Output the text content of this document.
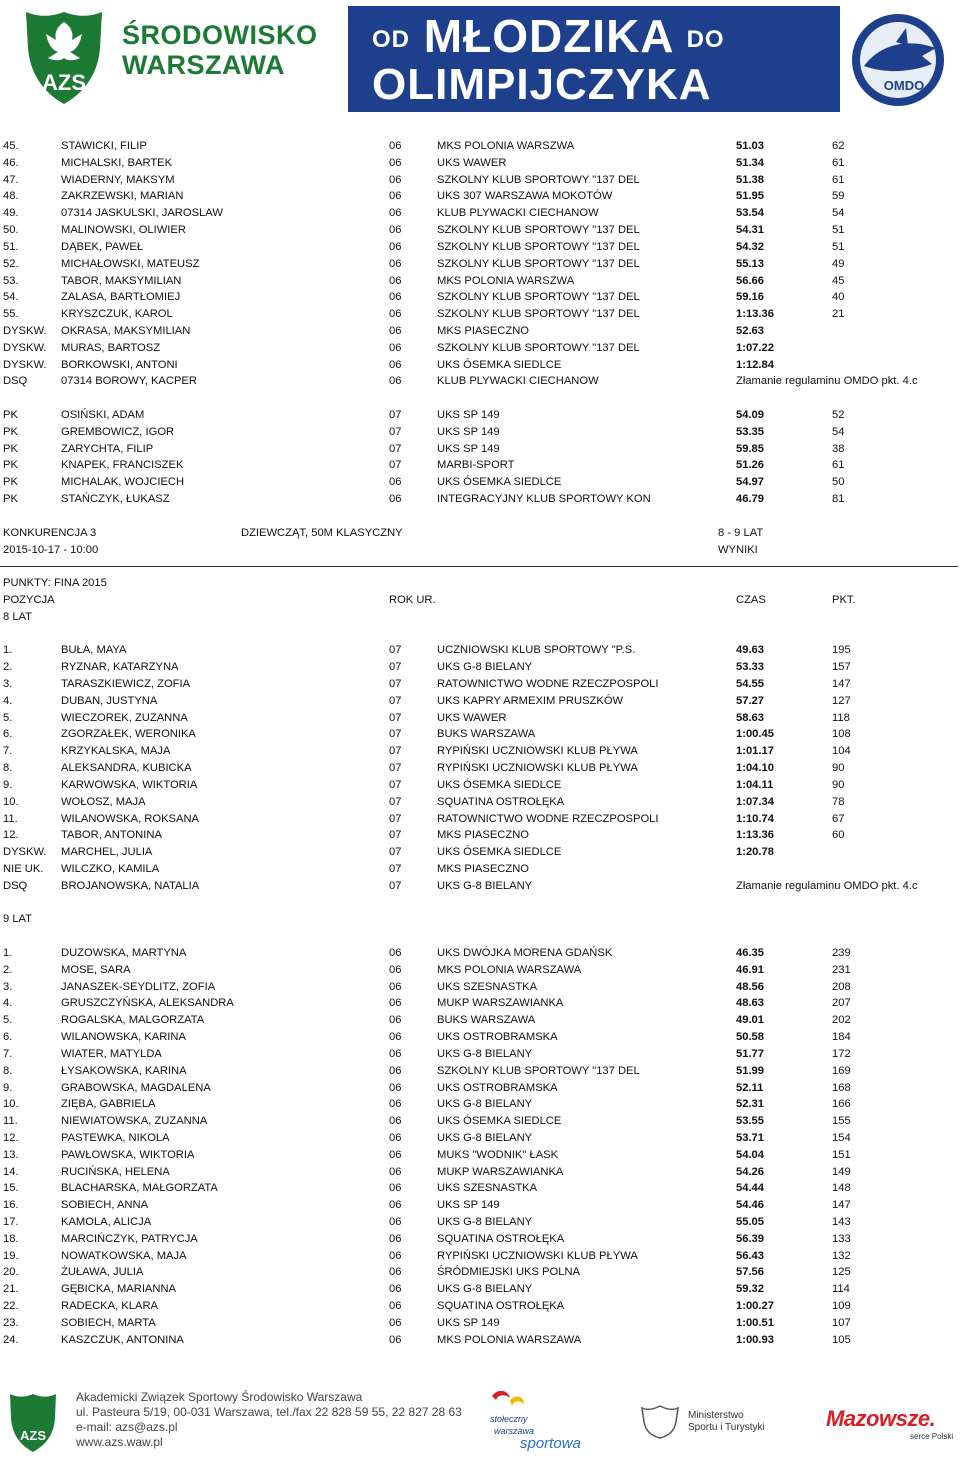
AZS
ŚRODOWISKO
WARSZAWA
OD MŁODZIKA DO
OLIMPIJCZYKA	OMDO
45.	STAWICKI, FILIP	06	MKS POLONIA WARSZWA	51.03	62
46.	MICHALSKI, BARTEK	06	UKS WAWER	51.34	61
47.	WIADERNY, MAKSYM	06	SZKOLNY KLUB SPORTOWY "137 DEL	51.38	61
48.	ZAKRZEWSKI, MARIAN	06	UKS 307 WARSZAWA MOKOTÓW	51.95	59
49.	07314 JASKULSKI, JAROSLAW	06	KLUB PLYWACKI CIECHANOW	53.54	54
50.	MALINOWSKI, OLIWIER	06	SZKOLNY KLUB SPORTOWY "137 DEL	54.31	51
51.	DĄBEK, PAWEŁ	06	SZKOLNY KLUB SPORTOWY "137 DEL	54.32	51
52.	MICHAŁOWSKI, MATEUSZ	06	SZKOLNY KLUB SPORTOWY "137 DEL	55.13	49
53.	TABOR, MAKSYMILIAN	06	MKS POLONIA WARSZWA	56.66	45
54.	ZALASA, BARTŁOMIEJ	06	SZKOLNY KLUB SPORTOWY "137 DEL	59.16	40
55.	KRYSZCZUK, KAROL	06	SZKOLNY KLUB SPORTOWY "137 DEL	1:13.36	21
DYSKW. OKRASA, MAKSYMILIAN	06	MKS PIASECZNO	52.63
DYSKW. MURAS, BARTOSZ	06	SZKOLNY KLUB SPORTOWY "137 DEL	1:07.22
DYSKW. BORKOWSKI, ANTONI	06	UKS ÓSEMKA SIEDLCE	1:12.84
DSQ	07314 BOROWY, KACPER	06	KLUB PLYWACKI CIECHANOW	Złamanie regulaminu OMDO pkt. 4.c
PK	OSIŃSKI, ADAM	07	UKS SP 149	54.09	52
PK	GREMBOWICZ, IGOR	07	UKS SP 149	53.35	54
PK	ZARYCHTA, FILIP	07	UKS SP 149	59.85	38
PK	KNAPEK, FRANCISZEK	07	MARBI-SPORT	51.26	61
PK	MICHALAK, WOJCIECH	06	UKS ÓSEMKA SIEDLCE	54.97	50
PK	STAŃCZYK, ŁUKASZ	06	INTEGRACYJNY KLUB SPORTOWY KON	46.79	81
KONKURENCJA 3	DZIEWCZĄT, 50M KLASYCZNY	8 - 9 LAT
2015-10-17 - 10:00	WYNIKI
PUNKTY: FINA 2015
POZYCJA	ROK UR.	CZAS	PKT.
8 LAT
1.	BUŁA, MAYA	07	UCZNIOWSKI KLUB SPORTOWY "P.S.	49.63	195
2.	RYZNAR, KATARZYNA	07	UKS G-8 BIELANY	53.33	157
3.	TARASZKIEWICZ, ZOFIA	07	RATOWNICTWO WODNE RZECZPOSPOLI	54.55	147
4.	DUBAN, JUSTYNA	07	UKS KAPRY ARMEXIM PRUSZKÓW	57.27	127
5.	WIECZOREK, ZUZANNA	07	UKS WAWER	58.63	118
6.	ZGORZAŁEK, WERONIKA	07	BUKS WARSZAWA	1:00.45	108
7.	KRZYKALSKA, MAJA	07	RYPIŃSKI UCZNIOWSKI KLUB PŁYWA	1:01.17	104
8.	ALEKSANDRA, KUBICKA	07	RYPIŃSKI UCZNIOWSKI KLUB PŁYWA	1:04.10	90
9.	KARWOWSKA, WIKTORIA	07	UKS ÓSEMKA SIEDLCE	1:04.11	90
10.	WOŁOSZ, MAJA	07	SQUATINA OSTROŁĘKA	1:07.34	78
11.	WILANOWSKA, ROKSANA	07	RATOWNICTWO WODNE RZECZPOSPOLI	1:10.74	67
12.	TABOR, ANTONINA	07	MKS PIASECZNO	1:13.36	60
DYSKW. MARCHEL, JULIA	07	UKS ÓSEMKA SIEDLCE	1:20.78
NIE UK. WILCZKO, KAMILA	07	MKS PIASECZNO
DSQ	BROJANOWSKA, NATALIA	07	UKS G-8 BIELANY	Złamanie regulaminu OMDO pkt. 4.c
9 LAT
1.	DUZOWSKA, MARTYNA	06	UKS DWÓJKA MORENA GDAŃSK	46.35	239
2.	MOSE, SARA	06	MKS POLONIA WARSZAWA	46.91	231
3.	JANASZEK-SEYDLITZ, ZOFIA	06	UKS SZESNASTKA	48.56	208
4.	GRUSZCZYŃSKA, ALEKSANDRA	06	MUKP WARSZAWIANKA	48.63	207
5.	ROGALSKA, MALGORZATA	06	BUKS WARSZAWA	49.01	202
6.	WILANOWSKA, KARINA	06	UKS OSTROBRAMSKA	50.58	184
7.	WIATER, MATYLDA	06	UKS G-8 BIELANY	51.77	172
8.	ŁYSAKOWSKA, KARINA	06	SZKOLNY KLUB SPORTOWY "137 DEL	51.99	169
9.	GRABOWSKA, MAGDALENA	06	UKS OSTROBRAMSKA	52.11	168
10.	ZIĘBA, GABRIELA	06	UKS G-8 BIELANY	52.31	166
11.	NIEWIATOWSKA, ZUZANNA	06	UKS ÓSEMKA SIEDLCE	53.55	155
12.	PASTEWKA, NIKOLA	06	UKS G-8 BIELANY	53.71	154
13.	PAWŁOWSKA, WIKTORIA	06	MUKS "WODNIK" ŁASK	54.04	151
14.	RUCIŃSKA, HELENA	06	MUKP WARSZAWIANKA	54.26	149
15.	BLACHARSKA, MAŁGORZATA	06	UKS SZESNASTKA	54.44	148
16.	SOBIECH, ANNA	06	UKS SP 149	54.46	147
17.	KAMOLA, ALICJA	06	UKS G-8 BIELANY	55.05	143
18.	MARCIŃCZYK, PATRYCJA	06	SQUATINA OSTROŁĘKA	56.39	133
19.	NOWATKOWSKA, MAJA	06	RYPIŃSKI UCZNIOWSKI KLUB PŁYWA	56.43	132
20.	ŻUŁAWA, JULIA	06	ŚRÓDMIEJSKI UKS POLNA	57.56	125
21.	GĘBICKA, MARIANNA	06	UKS G-8 BIELANY	59.32	114
22.	RADECKA, KLARA	06	SQUATINA OSTROŁĘKA	1:00.27	109
23.	SOBIECH, MARTA	06	UKS SP 149	1:00.51	107
24.	KASZCZUK, ANTONINA	06	MKS POLONIA WARSZAWA	1:00.93	105
AZS
Akademicki Związek Sportowy Środowisko Warszawa
ul. Pasteura 5/19, 00-031 Warszawa, tel./fax 22 828 59 55, 22 827 28 63
e-mail: azs@azs.pl
www.azs.waw.pl
stołeczny
warszawa
sportowa
Ministerstwo
Sportu i Turystyki	Mazowsze.
serce Polski
